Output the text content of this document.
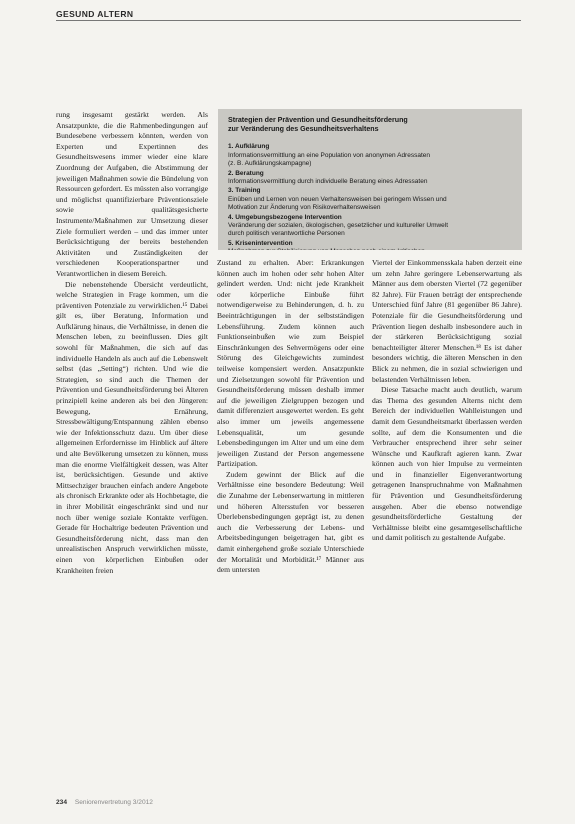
GESUND ALTERN

rung insgesamt gestärkt werden. Als Ansatzpunkte, die die Rahmenbedingungen auf Bundesebene verbessern könnten, werden von Experten und Expertinnen des Gesundheitswesens immer wieder eine klare Zuordnung der Aufgaben, die Abstimmung der jeweiligen Maßnahmen sowie die Bündelung von Ressourcen gefordert. Es müssten also vorrangige und möglichst quantifizierbare Präventionsziele sowie qualitätsgesicherte Instrumente/Maßnahmen zur Umsetzung dieser Ziele formuliert werden – und das immer unter Berücksichtigung der bereits bestehenden Aktivitäten und Zuständigkeiten der verschiedenen Kooperationspartner und Verantwortlichen in diesem Bereich.

Die nebenstehende Übersicht verdeutlicht, welche Strategien in Frage kommen, um die präventiven Potenziale zu verwirklichen.¹⁵ Dabei gilt es, über Beratung, Information und Aufklärung hinaus, die Verhältnisse, in denen die Menschen leben, zu beeinflussen. Dies gilt sowohl für Maßnahmen, die sich auf das individuelle Handeln als auch auf die Lebenswelt selbst (das „Setting“) richten. Und wie die Strategien, so sind auch die Themen der Prävention und Gesundheitsförderung bei Älteren prinzipiell keine anderen als bei den Jüngeren: Bewegung, Ernährung, Stressbewältigung/Entspannung zählen ebenso wie der Infektionsschutz dazu. Um über diese allgemeinen Erfordernisse im Hinblick auf ältere und alte Bevölkerung umsetzen zu können, muss man die enorme Vielfältigkeit dessen, was Alter ist, berücksichtigen. Gesunde und aktive Mittsechziger brauchen einfach andere Angebote als chronisch Erkrankte oder als Hochbetagte, die in ihrer Mobilität eingeschränkt sind und nur noch über wenige soziale Kontakte verfügen. Gerade für Hochaltrige bedeuten Prävention und Gesundheitsförderung nicht, dass man den unrealistischen Anspruch verwirklichen müsste, einen von körperlichen Einbußen oder Krankheiten freien

Strategien der Prävention und Gesundheitsförderung
zur Veränderung des Gesundheitsverhaltens
1. Aufklärung
Informationsvermittlung an eine Population von anonymen Adressaten
(z. B. Aufklärungskampagne)
2. Beratung
Informationsvermittlung durch individuelle Beratung eines Adressaten
3. Training
Einüben und Lernen von neuen Verhaltensweisen bei geringem Wissen und
Motivation zur Änderung von Risikoverhaltensweisen
4. Umgebungsbezogene Intervention
Veränderung der sozialen, ökologischen, gesetzlicher und kultureller Umwelt
durch politisch verantwortliche Personen
5. Krisenintervention

Zustand zu erhalten. Aber: Erkrankungen können auch im hohen oder sehr hohen Alter gelindert werden. Und: nicht jede Krankheit oder körperliche Einbuße führt notwendigerweise zu Behinderungen, d. h. zu Beeinträchtigungen in der selbstständigen Lebensführung. Zudem können auch Funktionseinbußen wie zum Beispiel Einschränkungen des Sehvermögens oder eine Störung des Gleichgewichts zumindest teilweise kompensiert werden. Ansatzpunkte und Zielsetzungen sowohl für Prävention und Gesundheitsförderung müssen deshalb immer auf die jeweiligen Zielgruppen bezogen und damit differenziert ausgewertet werden. Es geht also immer um jeweils angemessene Lebensqualität, um gesunde Lebensbedingungen im Alter und um eine dem jeweiligen Zustand der Person angemessene Partizipation.

Zudem gewinnt der Blick auf die Verhältnisse eine besondere Bedeutung: Weil die Zunahme der Lebenserwartung in mittleren und höheren Altersstufen vor besseren Überlebensbedingungen geprägt ist, zu denen auch die Verbesserung der Lebens- und Arbeitsbedingungen beigetragen hat, gibt es damit einhergehend große soziale Unterschiede der Mortalität und Morbidität.¹⁷ Männer aus dem untersten

Viertel der Einkommensskala haben derzeit eine um zehn Jahre geringere Lebenserwartung als Männer aus dem obersten Viertel (72 gegenüber 82 Jahre). Für Frauen beträgt der entsprechende Unterschied fünf Jahre (81 gegenüber 86 Jahre). Potenziale für die Gesundheitsförderung und Prävention liegen deshalb insbesondere auch in der stärkeren Berücksichtigung sozial benachteiligter älterer Menschen.¹⁸ Es ist daher besonders wichtig, die älteren Menschen in den Blick zu nehmen, die in sozial schwierigen und belastenden Verhältnissen leben.

Diese Tatsache macht auch deutlich, warum das Thema des gesunden Alterns nicht dem Bereich der individuellen Wahlleistungen und damit dem Gesundheitsmarkt überlassen werden sollte, auf dem die Konsumenten und die Verbraucher entsprechend ihrer sehr seiner Wünsche und Kaufkraft agieren kann. Zwar können auch von hier Impulse zu vermeinten und in finanzieller Eigenverantwortung getragenen Inanspruchnahme von Maßnahmen für Prävention und Gesundheitsförderung ausgehen. Aber die ebenso notwendige gesundheitsförderliche Gestaltung der Verhältnisse bleibt eine gesamtgesellschaftliche und damit politisch zu gestaltende Aufgabe.

234 Seniorenvertretung 3/2012
